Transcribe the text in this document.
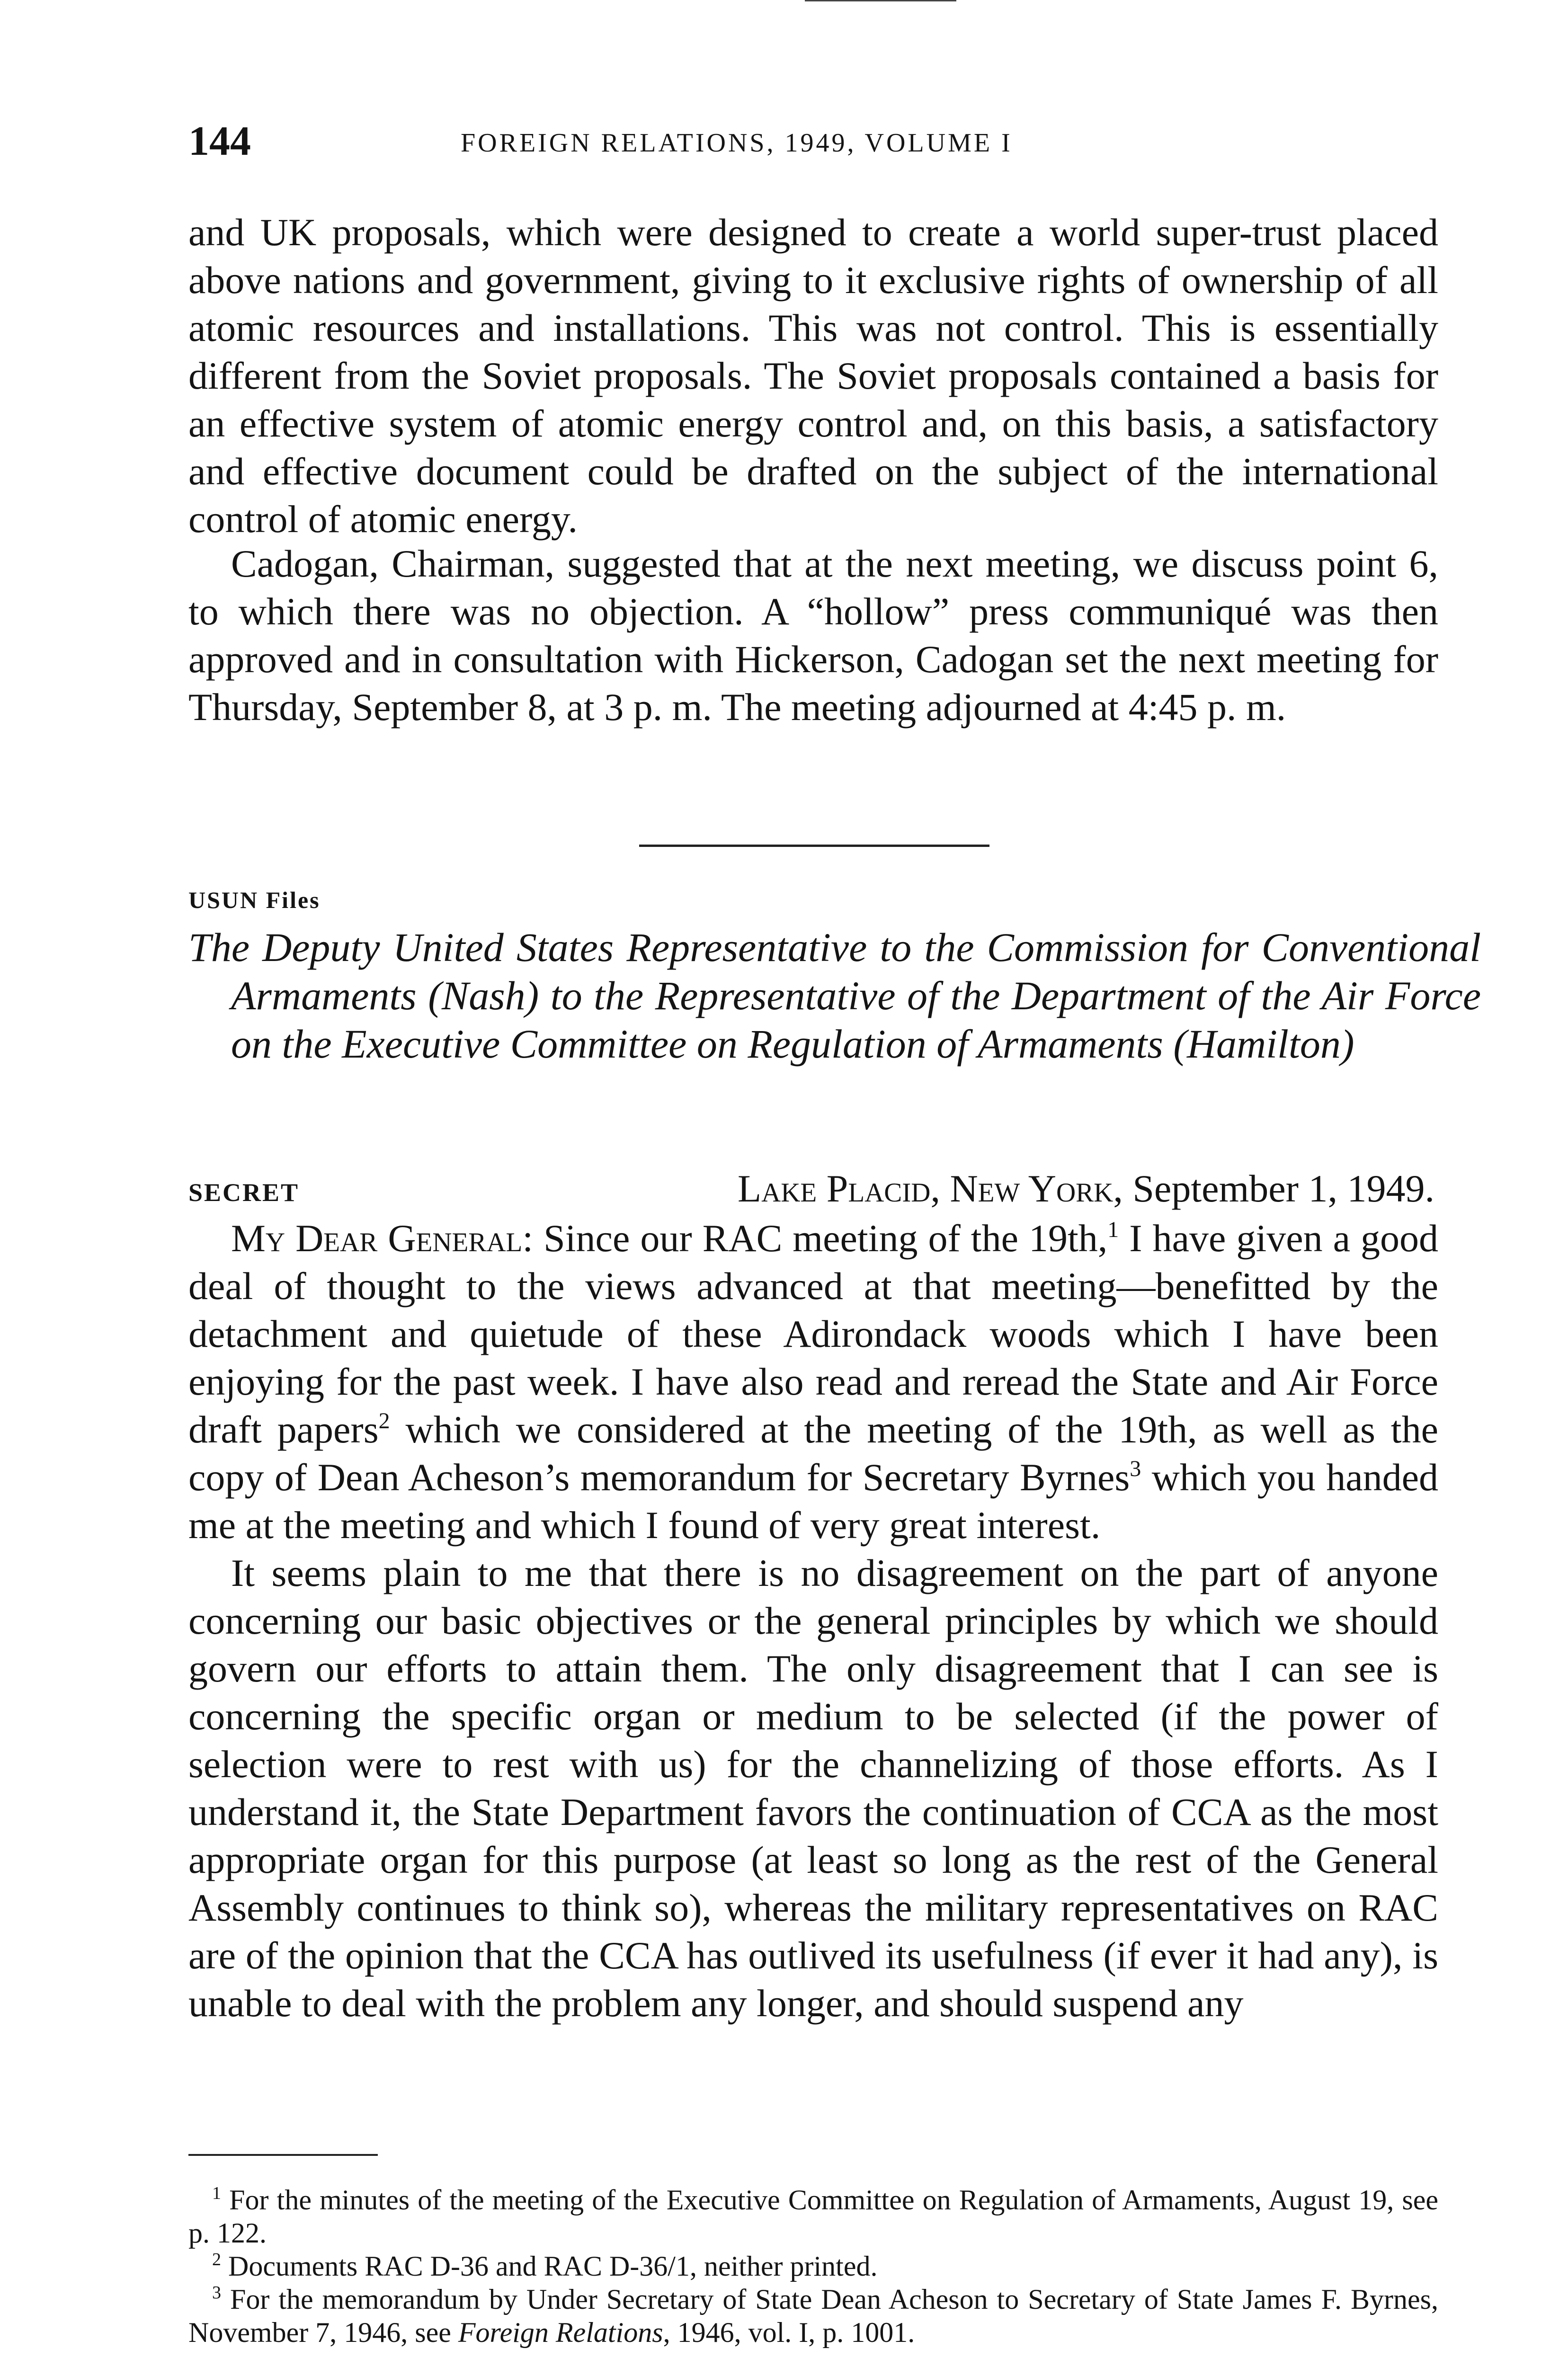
144	FOREIGN RELATIONS, 1949, VOLUME I

and UK proposals, which were designed to create a world super-trust placed above nations and government, giving to it exclusive rights of ownership of all atomic resources and installations. This was not control. This is essentially different from the Soviet proposals. The Soviet proposals contained a basis for an effective system of atomic energy control and, on this basis, a satisfactory and effective document could be drafted on the subject of the international control of atomic energy.

Cadogan, Chairman, suggested that at the next meeting, we discuss point 6, to which there was no objection. A “hollow” press communiqué was then approved and in consultation with Hickerson, Cadogan set the next meeting for Thursday, September 8, at 3 p. m. The meeting adjourned at 4:45 p. m.

USUN Files

The Deputy United States Representative to the Commission for Conventional Armaments (Nash) to the Representative of the Department of the Air Force on the Executive Committee on Regulation of Armaments (Hamilton)

SECRET	Lake Placid, New York, September 1, 1949.

My Dear General: Since our RAC meeting of the 19th,$^1$ I have given a good deal of thought to the views advanced at that meeting—benefitted by the detachment and quietude of these Adirondack woods which I have been enjoying for the past week. I have also read and reread the State and Air Force draft papers$^2$ which we considered at the meeting of the 19th, as well as the copy of Dean Acheson’s memorandum for Secretary Byrnes$^3$ which you handed me at the meeting and which I found of very great interest.

It seems plain to me that there is no disagreement on the part of anyone concerning our basic objectives or the general principles by which we should govern our efforts to attain them. The only disagreement that I can see is concerning the specific organ or medium to be selected (if the power of selection were to rest with us) for the channelizing of those efforts. As I understand it, the State Department favors the continuation of CCA as the most appropriate organ for this purpose (at least so long as the rest of the General Assembly continues to think so), whereas the military representatives on RAC are of the opinion that the CCA has outlived its usefulness (if ever it had any), is unable to deal with the problem any longer, and should suspend any

$^1$ For the minutes of the meeting of the Executive Committee on Regulation of Armaments, August 19, see p. 122.

$^2$ Documents RAC D-36 and RAC D-36/1, neither printed.

$^3$ For the memorandum by Under Secretary of State Dean Acheson to Secretary of State James F. Byrnes, November 7, 1946, see Foreign Relations, 1946, vol. I, p. 1001.
